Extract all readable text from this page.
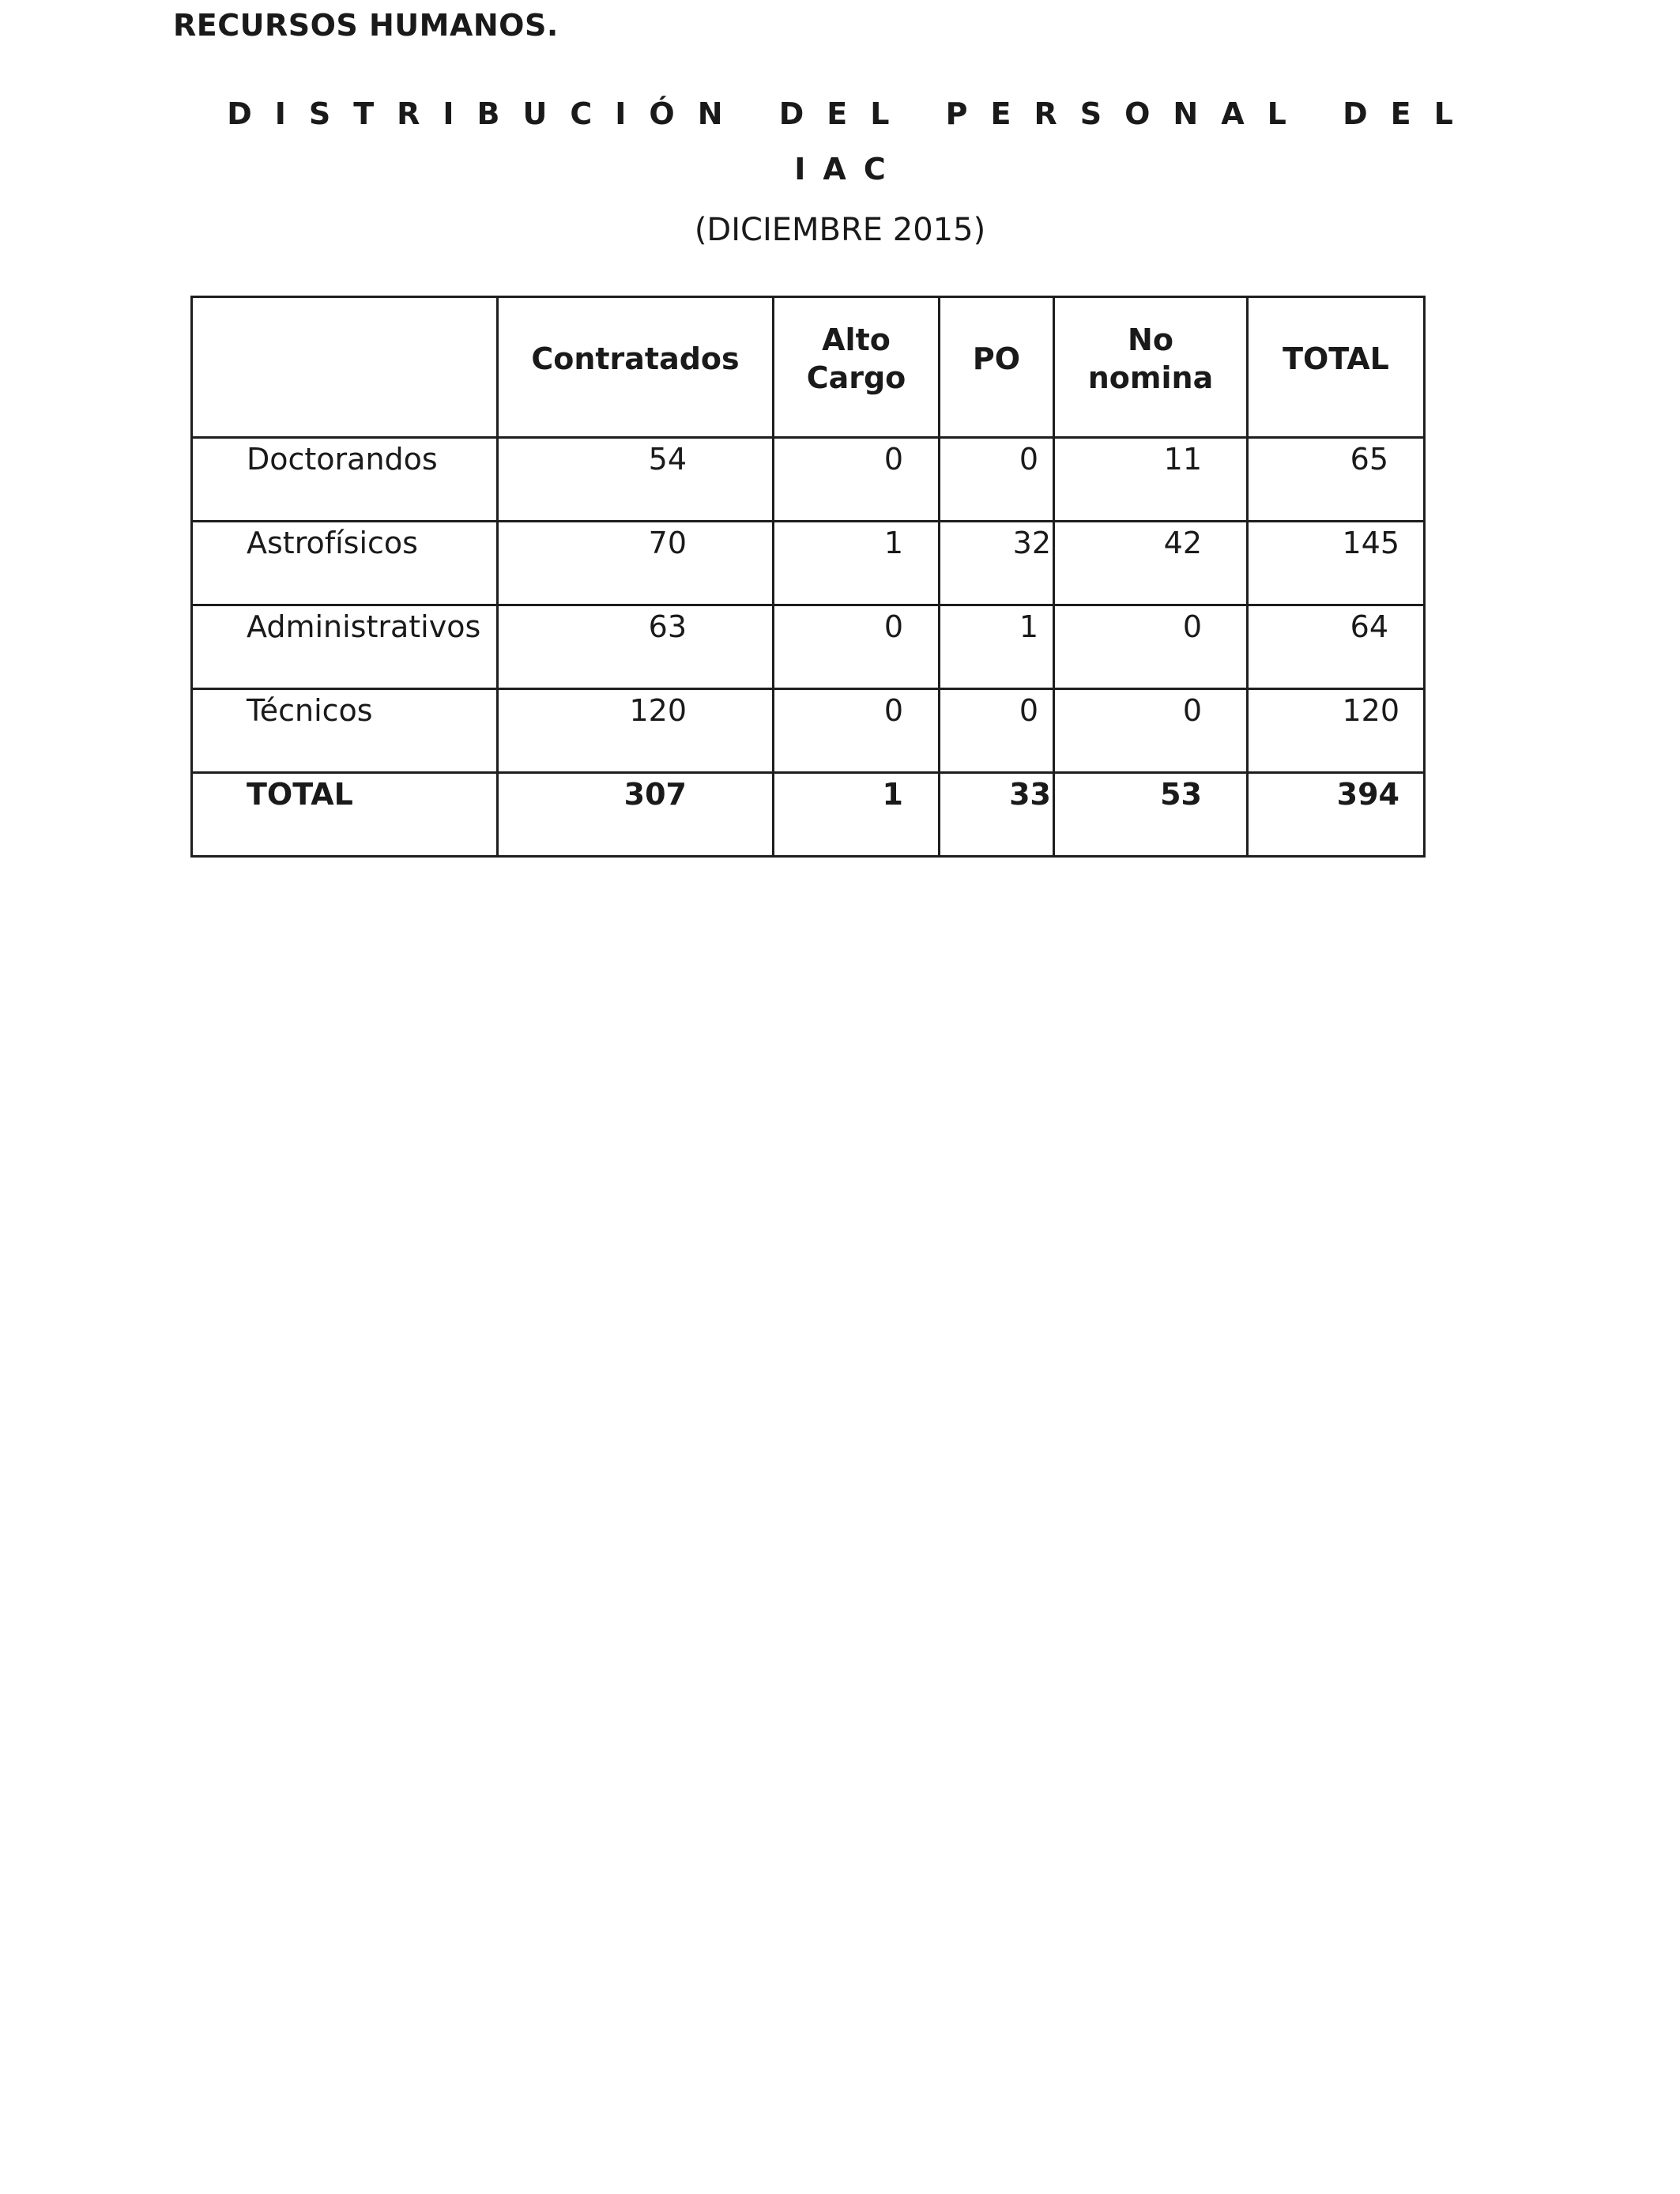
RECURSOS HUMANOS.
DISTRIBUCIÓN DEL PERSONAL DEL
IAC
(DICIEMBRE 2015)
	Contratados	Alto Cargo	PO	No nomina	TOTAL
Doctorandos	54	0	0	11	65
Astrofísicos	70	1	32	42	145
Administrativos	63	0	1	0	64
Técnicos	120	0	0	0	120
TOTAL	307	1	33	53	394
